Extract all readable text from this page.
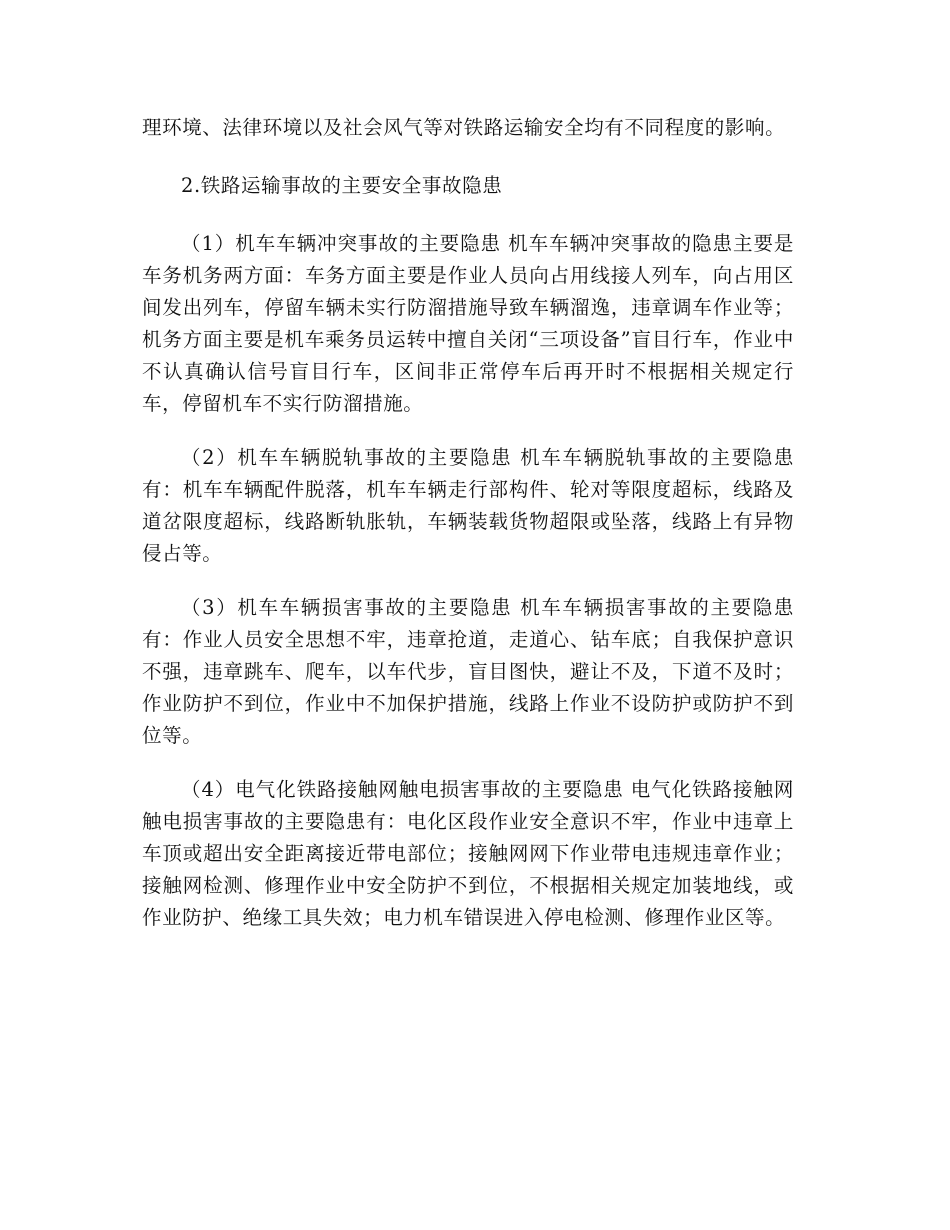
理环境、法律环境以及社会风气等对铁路运输安全均有不同程度的影响。

2.铁路运输事故的主要安全事故隐患

（1）机车车辆冲突事故的主要隐患 机车车辆冲突事故的隐患主要是车务机务两方面：车务方面主要是作业人员向占用线接人列车，向占用区间发出列车，停留车辆未实行防溜措施导致车辆溜逸，违章调车作业等；机务方面主要是机车乘务员运转中擅自关闭“三项设备”盲目行车，作业中不认真确认信号盲目行车，区间非正常停车后再开时不根据相关规定行车，停留机车不实行防溜措施。

（2）机车车辆脱轨事故的主要隐患 机车车辆脱轨事故的主要隐患有：机车车辆配件脱落，机车车辆走行部构件、轮对等限度超标，线路及道岔限度超标，线路断轨胀轨，车辆装载货物超限或坠落，线路上有异物侵占等。

（3）机车车辆损害事故的主要隐患 机车车辆损害事故的主要隐患有：作业人员安全思想不牢，违章抢道，走道心、钻车底；自我保护意识不强，违章跳车、爬车，以车代步，盲目图快，避让不及，下道不及时；作业防护不到位，作业中不加保护措施，线路上作业不设防护或防护不到位等。

（4）电气化铁路接触网触电损害事故的主要隐患 电气化铁路接触网触电损害事故的主要隐患有：电化区段作业安全意识不牢，作业中违章上车顶或超出安全距离接近带电部位；接触网网下作业带电违规违章作业；接触网检测、修理作业中安全防护不到位，不根据相关规定加装地线，或作业防护、绝缘工具失效；电力机车错误进入停电检测、修理作业区等。
